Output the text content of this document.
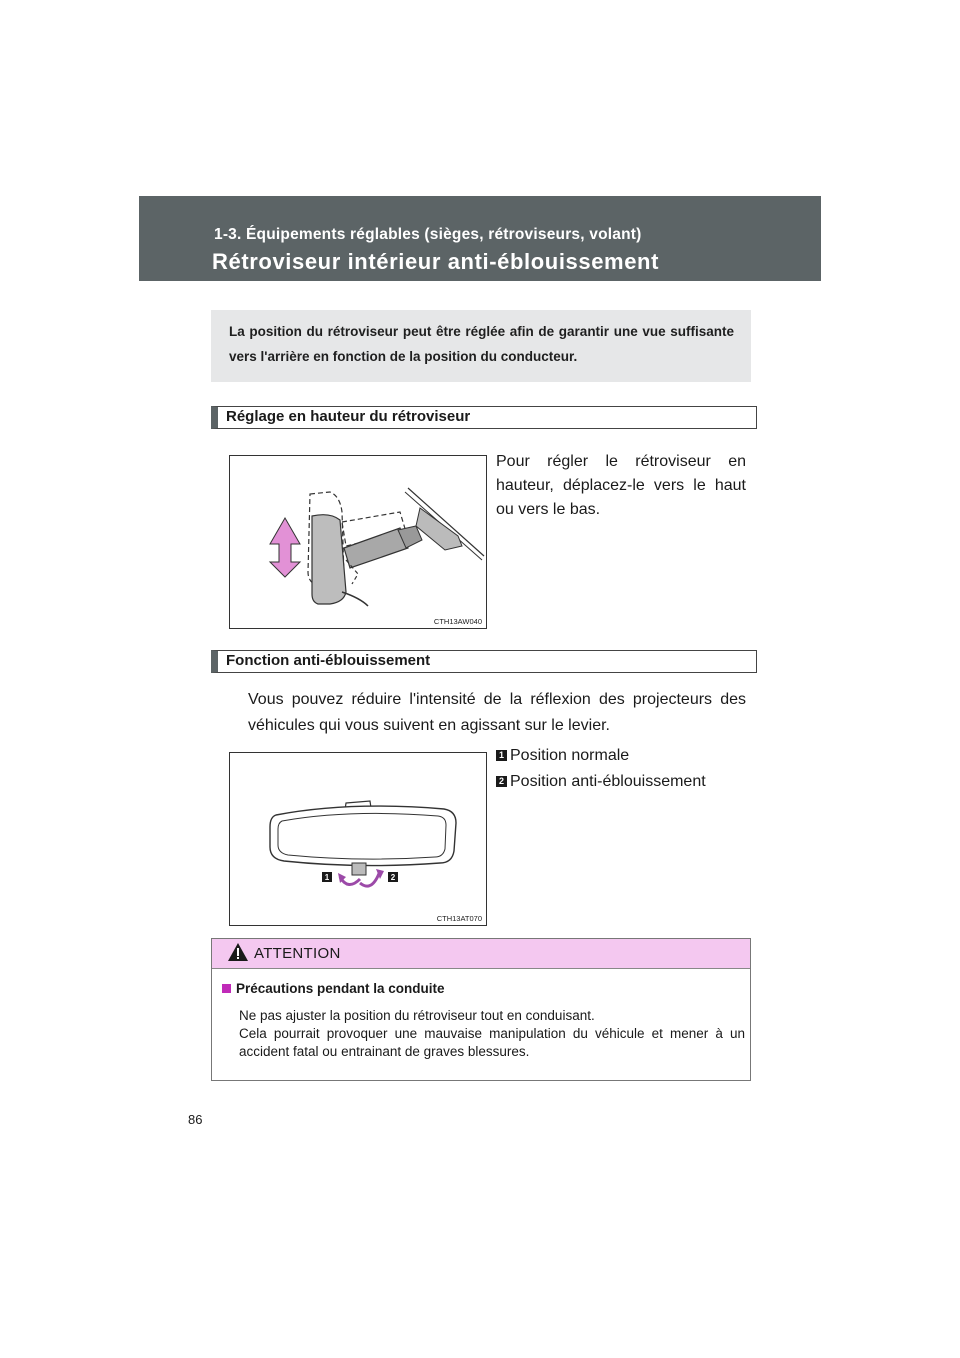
1-3. Équipements réglables (sièges, rétroviseurs, volant)
Rétroviseur intérieur anti-éblouissement
La position du rétroviseur peut être réglée afin de garantir une vue suffisante vers l'arrière en fonction de la position du conducteur.
Réglage en hauteur du rétroviseur
CTH13AW040
Pour régler le rétroviseur en hauteur, déplacez-le vers le haut ou vers le bas.
Fonction anti-éblouissement
Vous pouvez réduire l'intensité de la réflexion des projecteurs des véhicules qui vous suivent en agissant sur le levier.
1 Position normale
2 Position anti-éblouissement
1	2
CTH13AT070
ATTENTION
Précautions pendant la conduite

Ne pas ajuster la position du rétroviseur tout en conduisant.

Cela pourrait provoquer une mauvaise manipulation du véhicule et mener à un accident fatal ou entrainant de graves blessures.

86
